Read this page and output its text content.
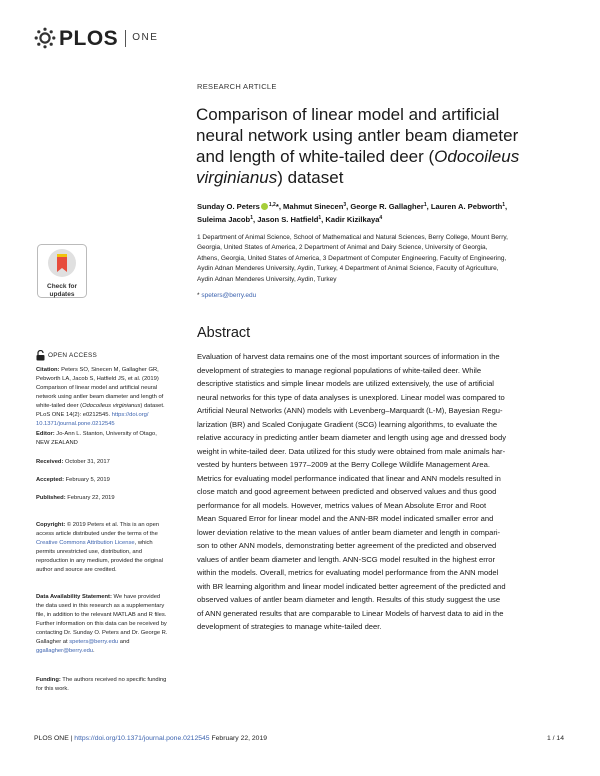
PLOS ONE
RESEARCH ARTICLE
Comparison of linear model and artificial
neural network using antler beam diameter
and length of white-tailed deer (Odocoileus
virginianus) dataset
Sunday O. Peters $^{1,2}$*, Mahmut Sinecen$^3$, George R. Gallagher$^1$, Lauren A. Pebworth$^1$,
Suleima Jacob$^1$, Jason S. Hatfield$^1$, Kadir Kizilkaya$^4$
1 Department of Animal Science, School of Mathematical and Natural Sciences, Berry College, Mount Berry,
Georgia, United States of America, 2 Department of Animal and Dairy Science, University of Georgia,
Athens, Georgia, United States of America, 3 Department of Computer Engineering, Faculty of Engineering,
Aydin Adnan Menderes University, Aydin, Turkey, 4 Department of Animal Science, Faculty of Agriculture,
Aydin Adnan Menderes University, Aydin, Turkey
* speters@berry.edu
Check for
updates
OPEN ACCESS
Citation: Peters SO, Sinecen M, Gallagher GR,
Pebworth LA, Jacob S, Hatfield JS, et al. (2019)
Comparison of linear model and artificial neural
network using antler beam diameter and length of
white-tailed deer (Odocoileus virginianus) dataset.
PLoS ONE 14(2): e0212545. https://doi.org/
10.1371/journal.pone.0212545
Editor: Jo-Ann L. Stanton, University of Otago,
NEW ZEALAND
Received: October 31, 2017
Accepted: February 5, 2019
Published: February 22, 2019
Copyright: © 2019 Peters et al. This is an open
access article distributed under the terms of the
Creative Commons Attribution License, which
permits unrestricted use, distribution, and
reproduction in any medium, provided the original
author and source are credited.
Data Availability Statement: We have provided
the data used in this research as a supplementary
file, in addition to the relevant MATLAB and R files.
Further information on this data can be received by
contacting Dr. Sunday O. Peters and Dr. George R.
Gallagher at speters@berry.edu and
ggallagher@berry.edu.
Funding: The authors received no specific funding
for this work.
Abstract
Evaluation of harvest data remains one of the most important sources of information in the
development of strategies to manage regional populations of white-tailed deer. While
descriptive statistics and simple linear models are utilized extensively, the use of artificial
neural networks for this type of data analyses is unexplored. Linear model was compared to
Artificial Neural Networks (ANN) models with Levenberg–Marquardt (L-M), Bayesian Regu-
larization (BR) and Scaled Conjugate Gradient (SCG) learning algorithms, to evaluate the
relative accuracy in predicting antler beam diameter and length using age and dressed body
weight in white-tailed deer. Data utilized for this study were obtained from male animals har-
vested by hunters between 1977–2009 at the Berry College Wildlife Management Area.
Metrics for evaluating model performance indicated that linear and ANN models resulted in
close match and good agreement between predicted and observed values and thus good
performance for all models. However, metrics values of Mean Absolute Error and Root
Mean Squared Error for linear model and the ANN-BR model indicated smaller error and
lower deviation relative to the mean values of antler beam diameter and length in compari-
son to other ANN models, demonstrating better agreement of the predicted and observed
values of antler beam diameter and length. ANN-SCG model resulted in the highest error
within the models. Overall, metrics for evaluating model performance from the ANN model
with BR learning algorithm and linear model indicated better agreement of the predicted and
observed values of antler beam diameter and length. Results of this study suggest the use
of ANN generated results that are comparable to Linear Models of harvest data to aid in the
development of strategies to manage white-tailed deer.
PLOS ONE | https://doi.org/10.1371/journal.pone.0212545 February 22, 2019	1 / 14
